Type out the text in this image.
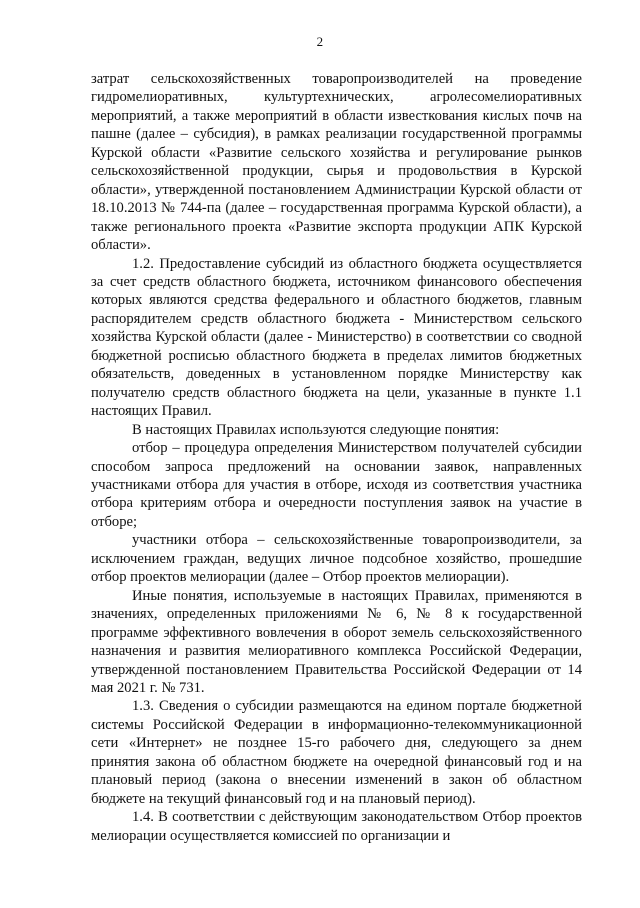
2

затрат сельскохозяйственных товаропроизводителей на проведение гидромелиоративных, культуртехнических, агролесомелиоративных мероприятий, а также мероприятий в области известкования кислых почв на пашне (далее – субсидия), в рамках реализации государственной программы Курской области «Развитие сельского хозяйства и регулирование рынков сельскохозяйственной продукции, сырья и продовольствия в Курской области», утвержденной постановлением Администрации Курской области от 18.10.2013 № 744-па (далее – государственная программа Курской области), а также регионального проекта «Развитие экспорта продукции АПК Курской области».

1.2. Предоставление субсидий из областного бюджета осуществляется за счет средств областного бюджета, источником финансового обеспечения которых являются средства федерального и областного бюджетов, главным распорядителем средств областного бюджета - Министерством сельского хозяйства Курской области (далее - Министерство) в соответствии со сводной бюджетной росписью областного бюджета в пределах лимитов бюджетных обязательств, доведенных в установленном порядке Министерству как получателю средств областного бюджета на цели, указанные в пункте 1.1 настоящих Правил.

В настоящих Правилах используются следующие понятия:

отбор – процедура определения Министерством получателей субсидии способом запроса предложений на основании заявок, направленных участниками отбора для участия в отборе, исходя из соответствия участника отбора критериям отбора и очередности поступления заявок на участие в отборе;

участники отбора – сельскохозяйственные товаропроизводители, за исключением граждан, ведущих личное подсобное хозяйство, прошедшие отбор проектов мелиорации (далее – Отбор проектов мелиорации).

Иные понятия, используемые в настоящих Правилах, применяются в значениях, определенных приложениями № 6, № 8 к государственной программе эффективного вовлечения в оборот земель сельскохозяйственного назначения и развития мелиоративного комплекса Российской Федерации, утвержденной постановлением Правительства Российской Федерации от 14 мая 2021 г. № 731.

1.3. Сведения о субсидии размещаются на едином портале бюджетной системы Российской Федерации в информационно-телекоммуникационной сети «Интернет» не позднее 15-го рабочего дня, следующего за днем принятия закона об областном бюджете на очередной финансовый год и на плановый период (закона о внесении изменений в закон об областном бюджете на текущий финансовый год и на плановый период).

1.4. В соответствии с действующим законодательством Отбор проектов мелиорации осуществляется комиссией по организации и
